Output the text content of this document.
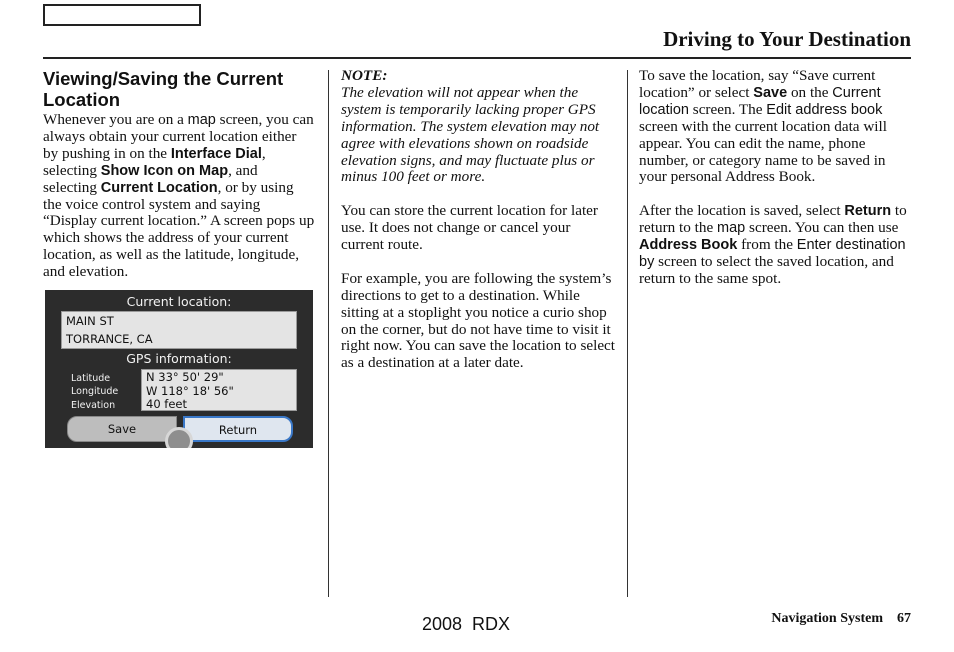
Driving to Your Destination
Viewing/Saving the Current Location

Whenever you are on a map screen, you can always obtain your current location either by pushing in on the Interface Dial, selecting Show Icon on Map, and selecting Current Location, or by using the voice control system and saying “Display current location.” A screen pops up which shows the address of your current location, as well as the latitude, longitude, and elevation.

Current location:
MAIN ST
TORRANCE, CA
GPS information:
Latitude
Longitude
Elevation
N 33° 50' 29"
W 118° 18' 56"
40 feet
Save	Return

NOTE:
The elevation will not appear when the system is temporarily lacking proper GPS information. The system elevation may not agree with elevations shown on roadside elevation signs, and may fluctuate plus or minus 100 feet or more.

You can store the current location for later use. It does not change or cancel your current route.

For example, you are following the system’s directions to get to a destination. While sitting at a stoplight you notice a curio shop on the corner, but do not have time to visit it right now. You can save the location to select as a destination at a later date.

To save the location, say “Save current location” or select Save on the Current location screen. The Edit address book screen with the current location data will appear. You can edit the name, phone number, or category name to be saved in your personal Address Book.

After the location is saved, select Return to return to the map screen. You can then use Address Book from the Enter destination by screen to select the saved location, and return to the same spot.

2008  RDX	Navigation System 67
